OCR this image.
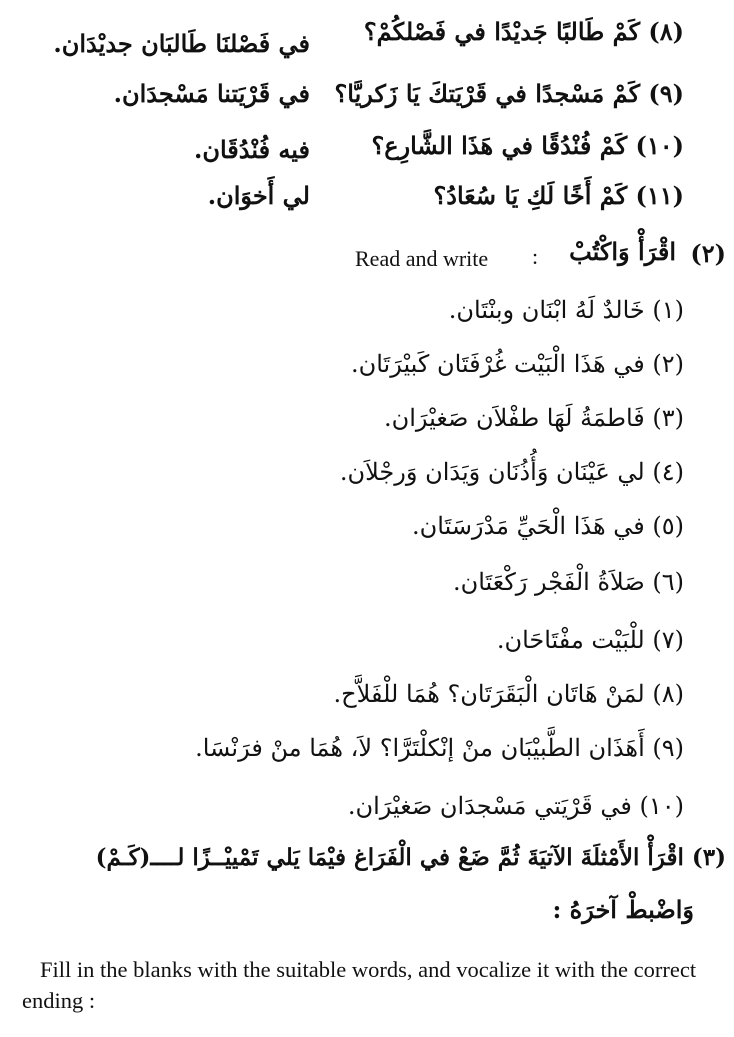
(٨) كَمْ طَالبًا جَديْدًا في فَصْلكُمْ؟
في فَصْلنَا طَالبَان جديْدَان.
(٩) كَمْ مَسْجدًا في قَرْيَتكَ يَا زَكريَّا؟
في قَرْيَتنا مَسْجدَان.
(١٠) كَمْ فُنْدُقًا في هَذَا الشَّارِع؟
فيه فُنْدُقَان.
(١١) كَمْ أَخًا لَكِ يَا سُعَادُ؟
لي أَخوَان.
(٢)
اقْرَأْ وَاكْتُبْ
Read and write :
(١) خَالدٌ لَهُ ابْنَان وبنْتَان.
(٢) في هَذَا الْبَيْت غُرْفَتَان كَبيْرَتَان.
(٣) فَاطمَةُ لَهَا طفْلاَن صَغيْرَان.
(٤) لي عَيْنَان وَأُذُنَان وَيَدَان وَرجْلاَن.
(٥) في هَذَا الْحَيِّ مَدْرَسَتَان.
(٦) صَلاَةُ الْفَجْر رَكْعَتَان.
(٧) للْبَيْت مفْتَاحَان.
(٨) لمَنْ هَاتَان الْبَقَرَتَان؟ هُمَا للْفَلاَّح.
(٩) أَهَذَان الطَّبيْبَان منْ إنْكلْتَرَّا؟ لاَ، هُمَا منْ فرَنْسَا.
(١٠) في قَرْيَتي مَسْجدَان صَغيْرَان.
(٣) اقْرَأْ الأَمْثلَةَ الآتيَةَ ثُمَّ ضَعْ في الْفَرَاغ فيْمَا يَلي تَمْييْــزًا لــــ(كَـمْ)
وَاضْبطْ آخرَهُ :
Fill in the blanks with the suitable words, and vocalize it with the correct ending :
